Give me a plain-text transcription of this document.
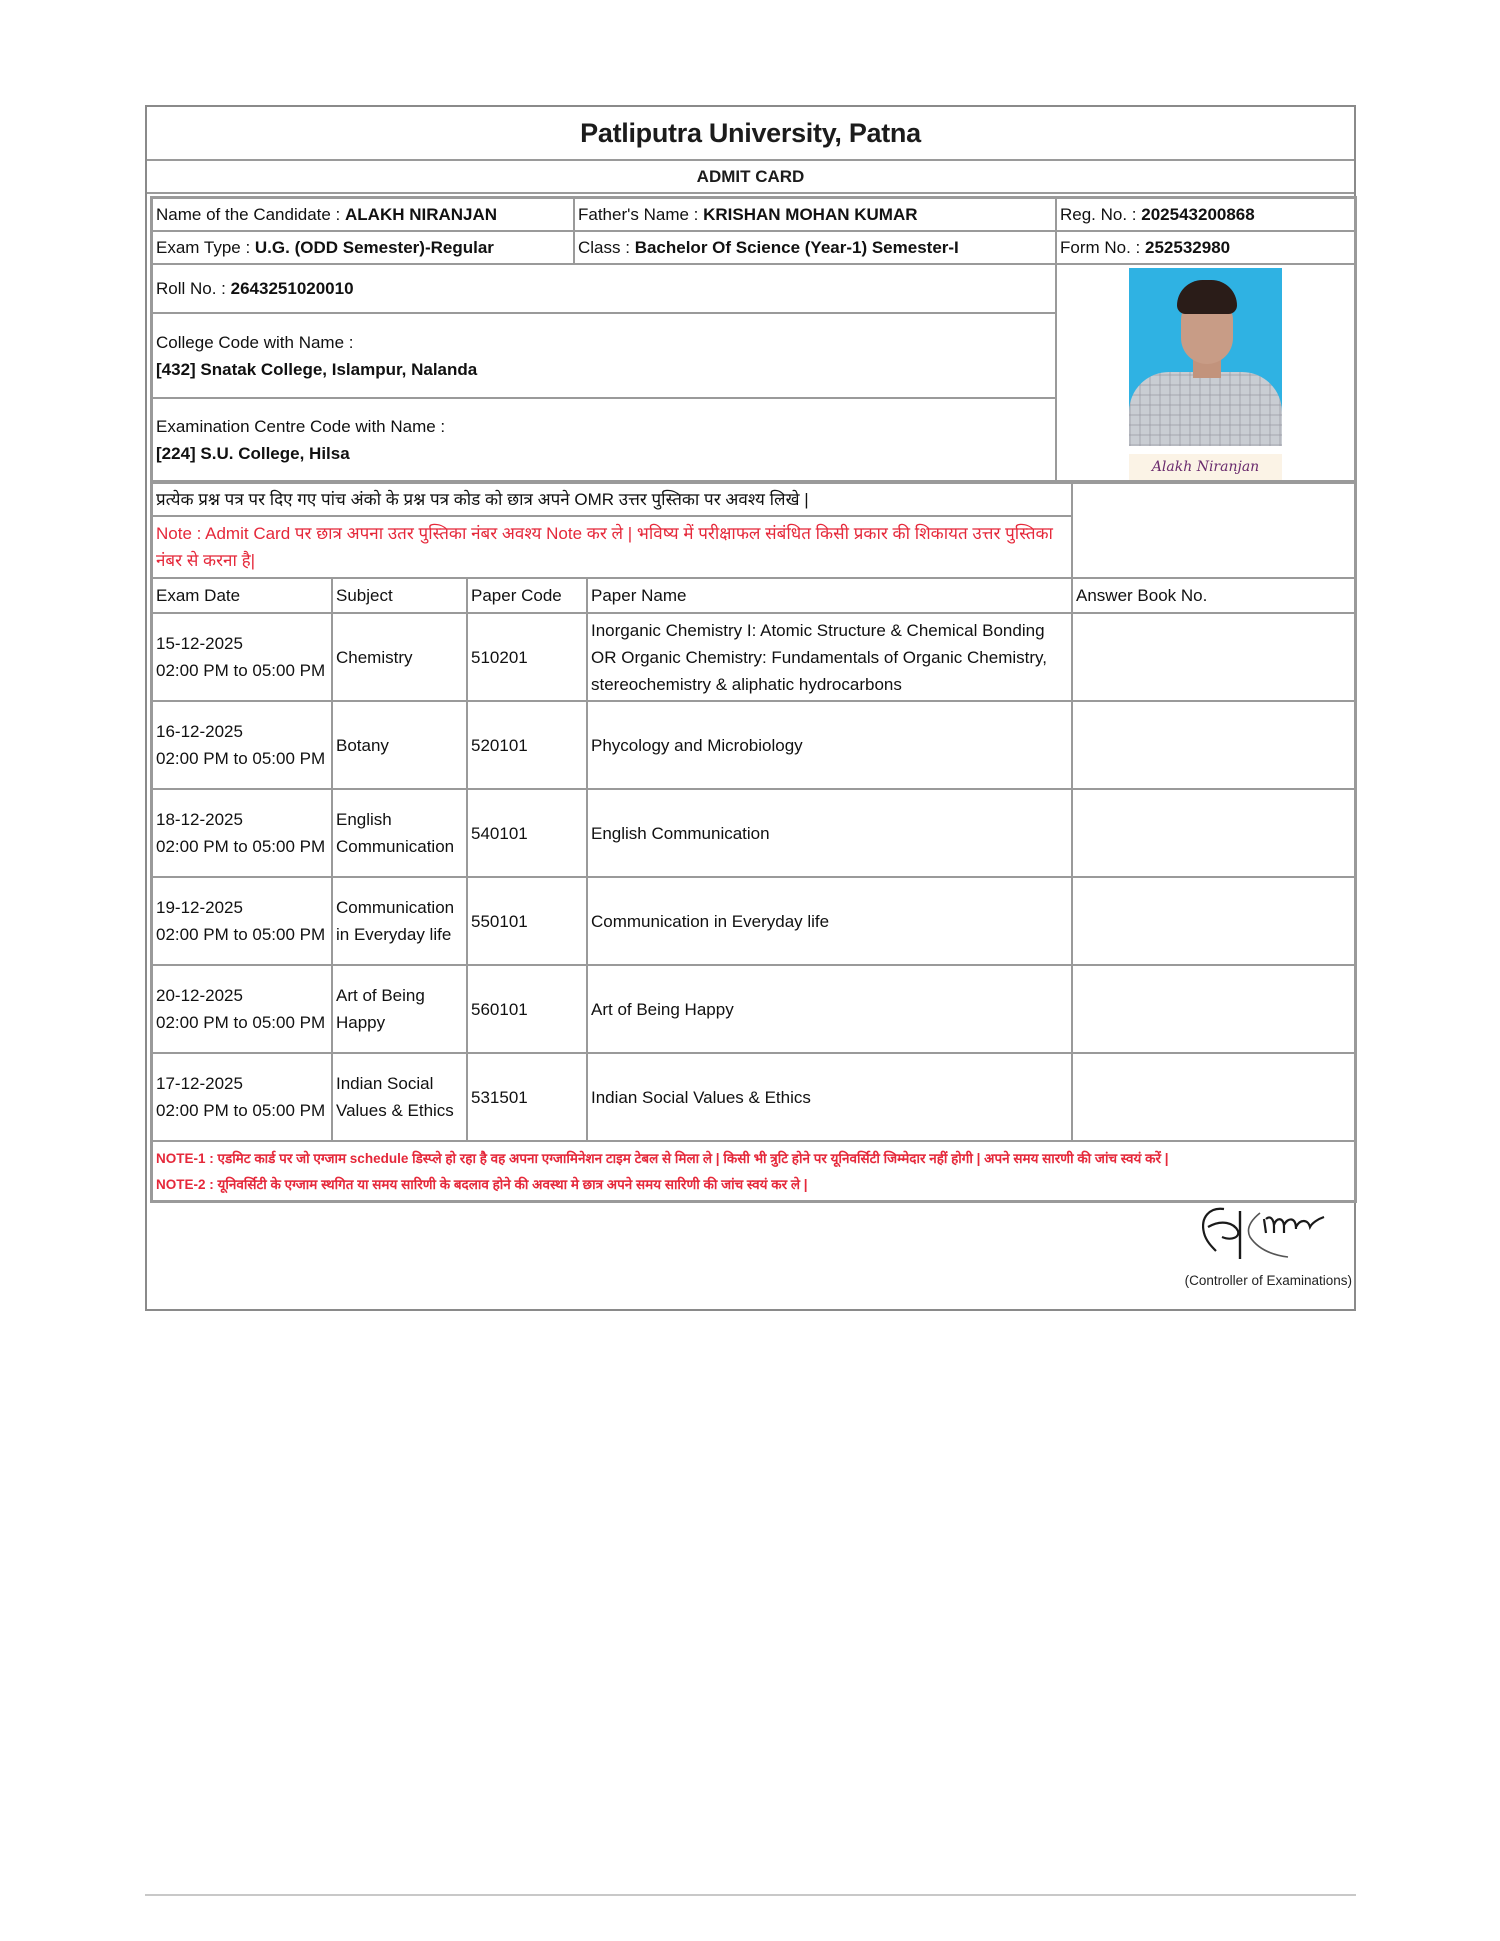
Patliputra University, Patna
ADMIT CARD
Name of the Candidate : ALAKH NIRANJAN	Father's Name : KRISHAN MOHAN KUMAR	Reg. No. : 202543200868
Exam Type : U.G. (ODD Semester)-Regular	Class : Bachelor Of Science (Year-1) Semester-I	Form No. : 252532980
Roll No. : 2643251020010		Alakh Niranjan

College Code with Name :
[432] Snatak College, Islampur, Nalanda		

Examination Centre Code with Name :
[224] S.U. College, Hilsa		
प्रत्येक प्रश्न पत्र पर दिए गए पांच अंको के प्रश्न पत्र कोड को छात्र अपने OMR उत्तर पुस्तिका पर अवश्य लिखे |				
Note : Admit Card पर छात्र अपना उतर पुस्तिका नंबर अवश्य Note कर ले | भविष्य में परीक्षाफल संबंधित किसी प्रकार की शिकायत उत्तर पुस्तिका नंबर से करना है|				
Exam Date	Subject	Paper Code	Paper Name	Answer Book No.

15-12-2025
02:00 PM to 05:00 PM	Chemistry	510201	Inorganic Chemistry I: Atomic Structure & Chemical Bonding OR Organic Chemistry: Fundamentals of Organic Chemistry, stereochemistry & aliphatic hydrocarbons	

16-12-2025
02:00 PM to 05:00 PM	Botany	520101	Phycology and Microbiology	

18-12-2025
02:00 PM to 05:00 PM	English Communication	540101	English Communication	

19-12-2025
02:00 PM to 05:00 PM	Communication in Everyday life	550101	Communication in Everyday life	

20-12-2025
02:00 PM to 05:00 PM	Art of Being Happy	560101	Art of Being Happy	

17-12-2025
02:00 PM to 05:00 PM	Indian Social Values & Ethics	531501	Indian Social Values & Ethics	

NOTE-1 : एडमिट कार्ड पर जो एग्जाम schedule डिस्प्ले हो रहा है वह अपना एग्जामिनेशन टाइम टेबल से मिला ले | किसी भी त्रुटि होने पर यूनिवर्सिटी जिम्मेदार नहीं होगी | अपने समय सारणी की जांच स्वयं करें |
NOTE-2 : यूनिवर्सिटी के एग्जाम स्थगित या समय सारिणी के बदलाव होने की अवस्था मे छात्र अपने समय सारिणी की जांच स्वयं कर ले |				
(Controller of Examinations)
